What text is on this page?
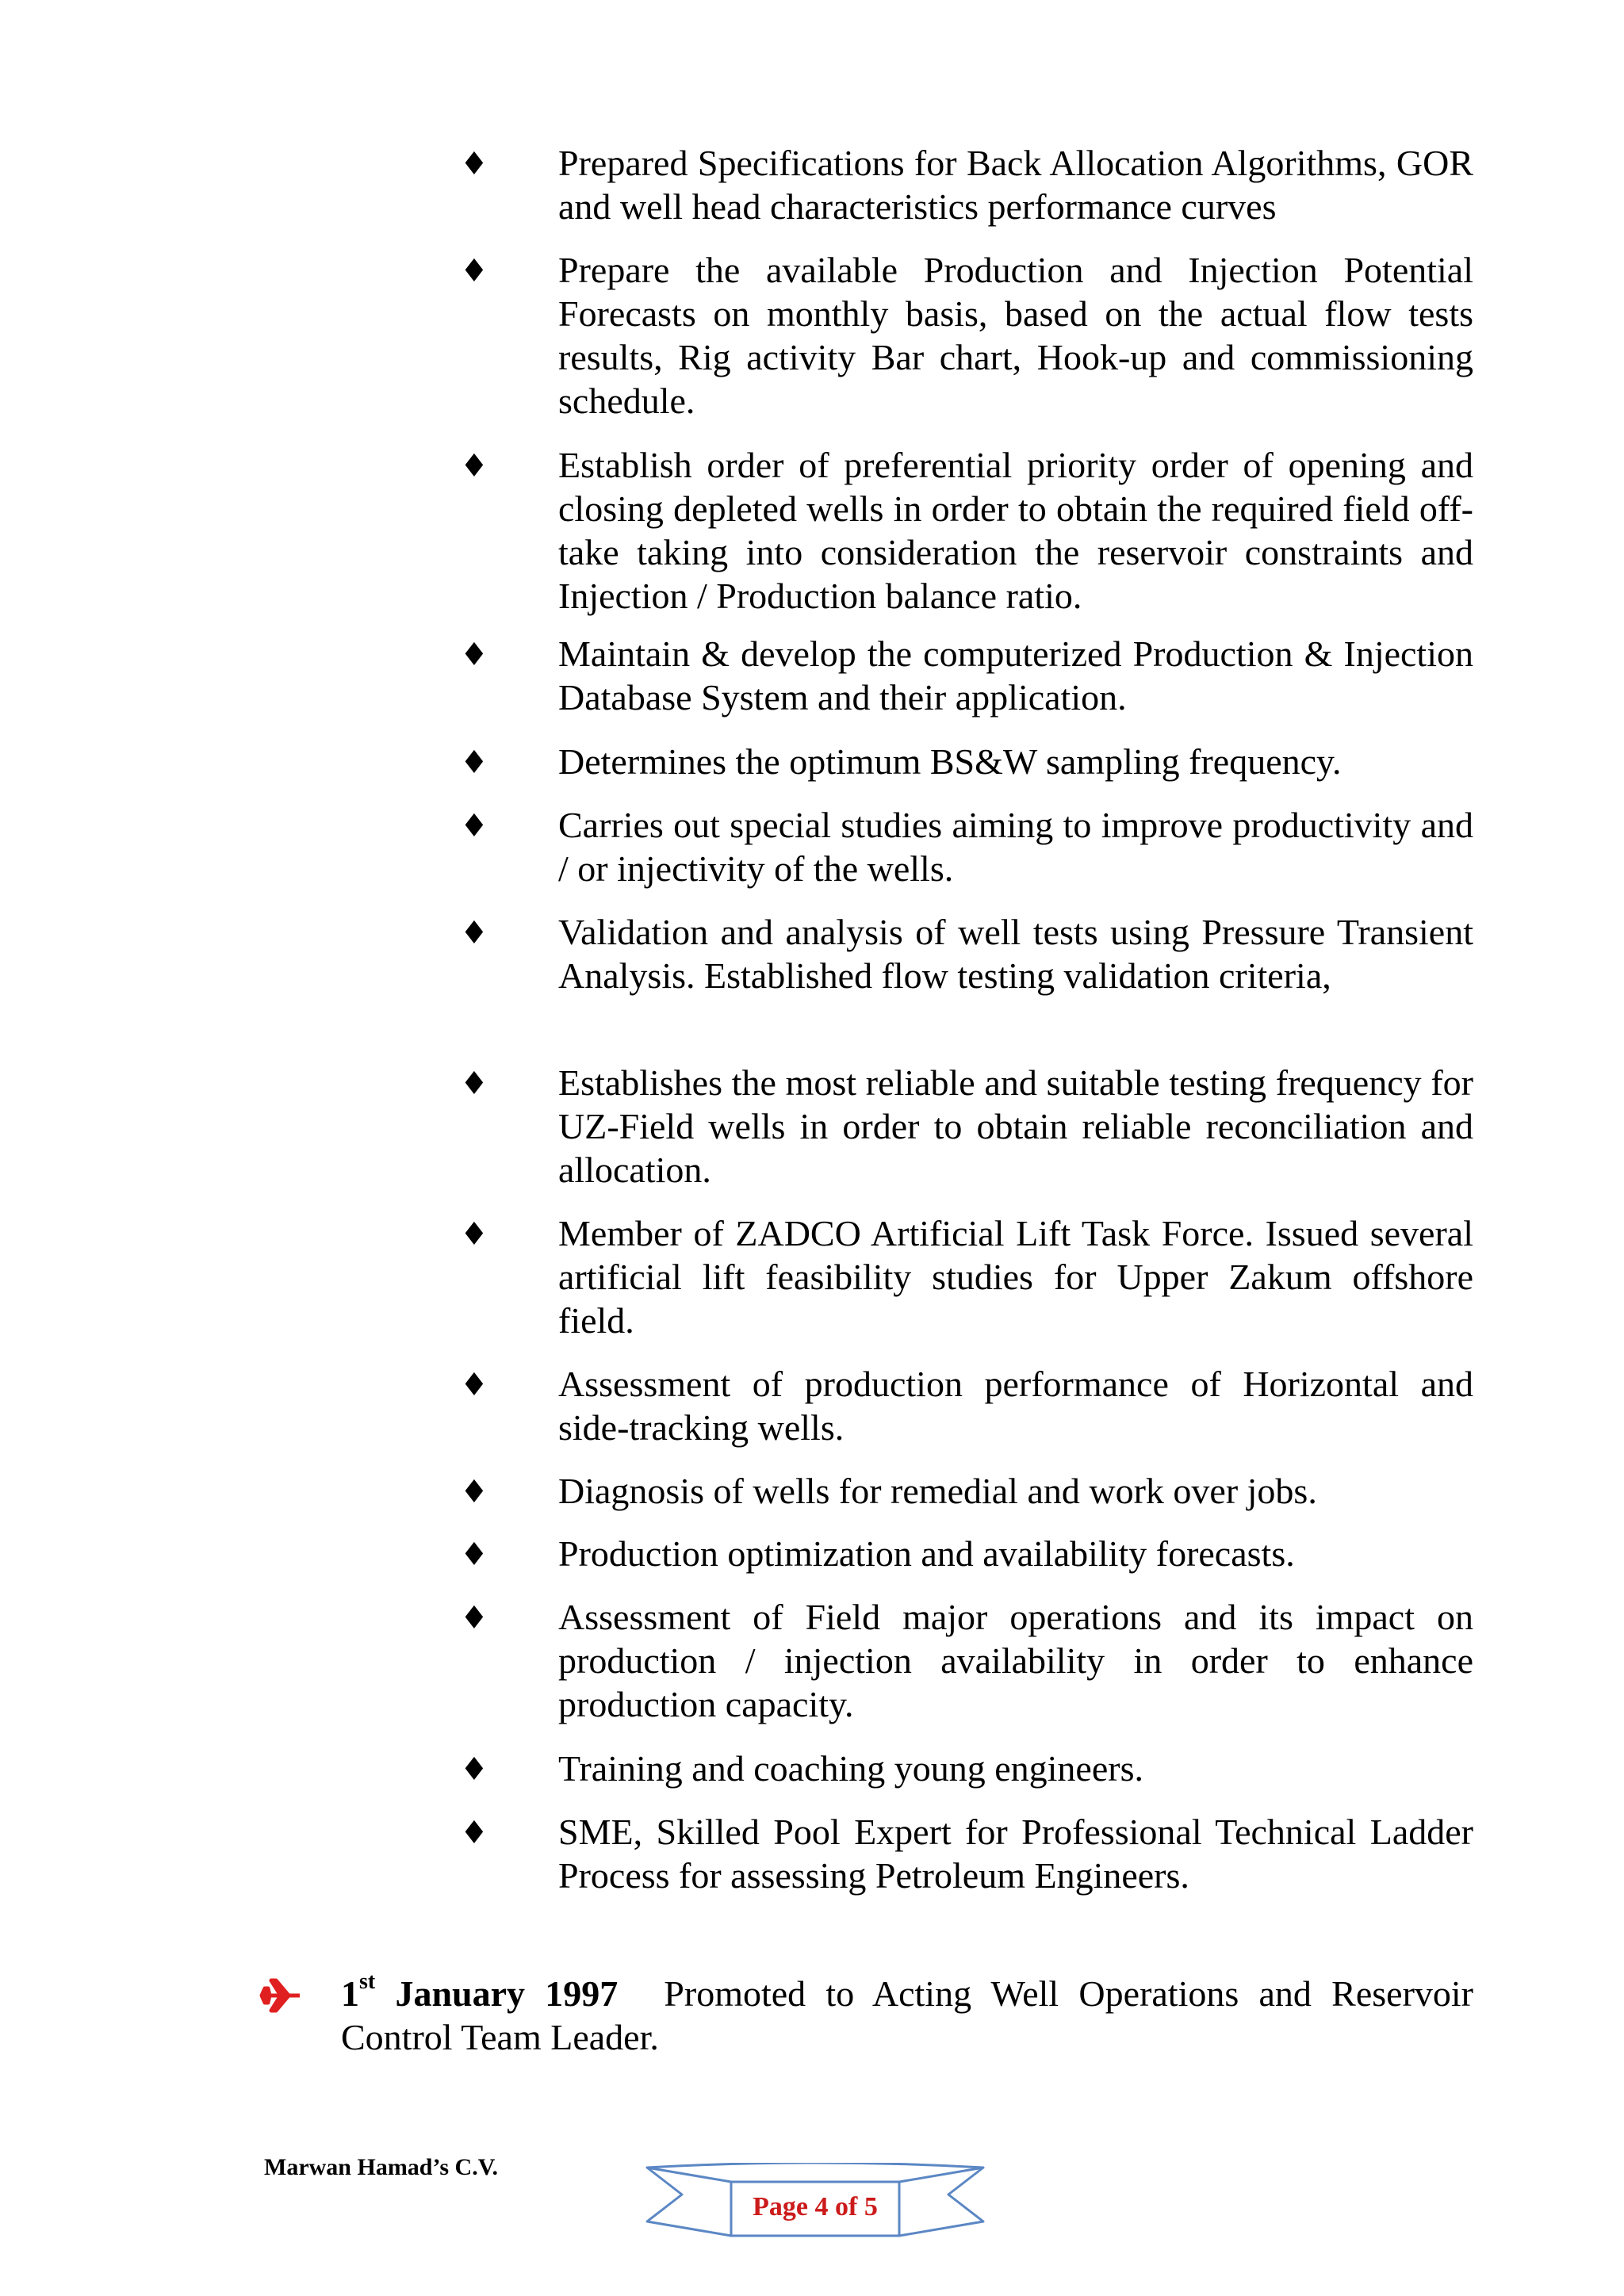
♦ Prepared Specifications for Back Allocation Algorithms, GOR and well head characteristics performance curves
♦ Prepare the available Production and Injection Potential Forecasts on monthly basis, based on the actual flow tests results, Rig activity Bar chart, Hook-up and commissioning schedule.
♦ Establish order of preferential priority order of opening and closing depleted wells in order to obtain the required field off-take taking into consideration the reservoir constraints and Injection / Production balance ratio.
♦ Maintain & develop the computerized Production & Injection Database System and their application.
♦ Determines the optimum BS&W sampling frequency.
♦ Carries out special studies aiming to improve productivity and / or injectivity of the wells.
♦ Validation and analysis of well tests using Pressure Transient Analysis. Established flow testing validation criteria,
♦ Establishes the most reliable and suitable testing frequency for UZ-Field wells in order to obtain reliable reconciliation and allocation.
♦ Member of ZADCO Artificial Lift Task Force. Issued several artificial lift feasibility studies for Upper Zakum offshore field.
♦ Assessment of production performance of Horizontal and side-tracking wells.
♦ Diagnosis of wells for remedial and work over jobs.
♦ Production optimization and availability forecasts.
♦ Assessment of Field major operations and its impact on production / injection availability in order to enhance production capacity.
♦ Training and coaching young engineers.
♦ SME, Skilled Pool Expert for Professional Technical Ladder Process for assessing Petroleum Engineers.
1st January 1997 Promoted to Acting Well Operations and Reservoir Control Team Leader.
Marwan Hamad’s C.V.
Page 4 of 5
